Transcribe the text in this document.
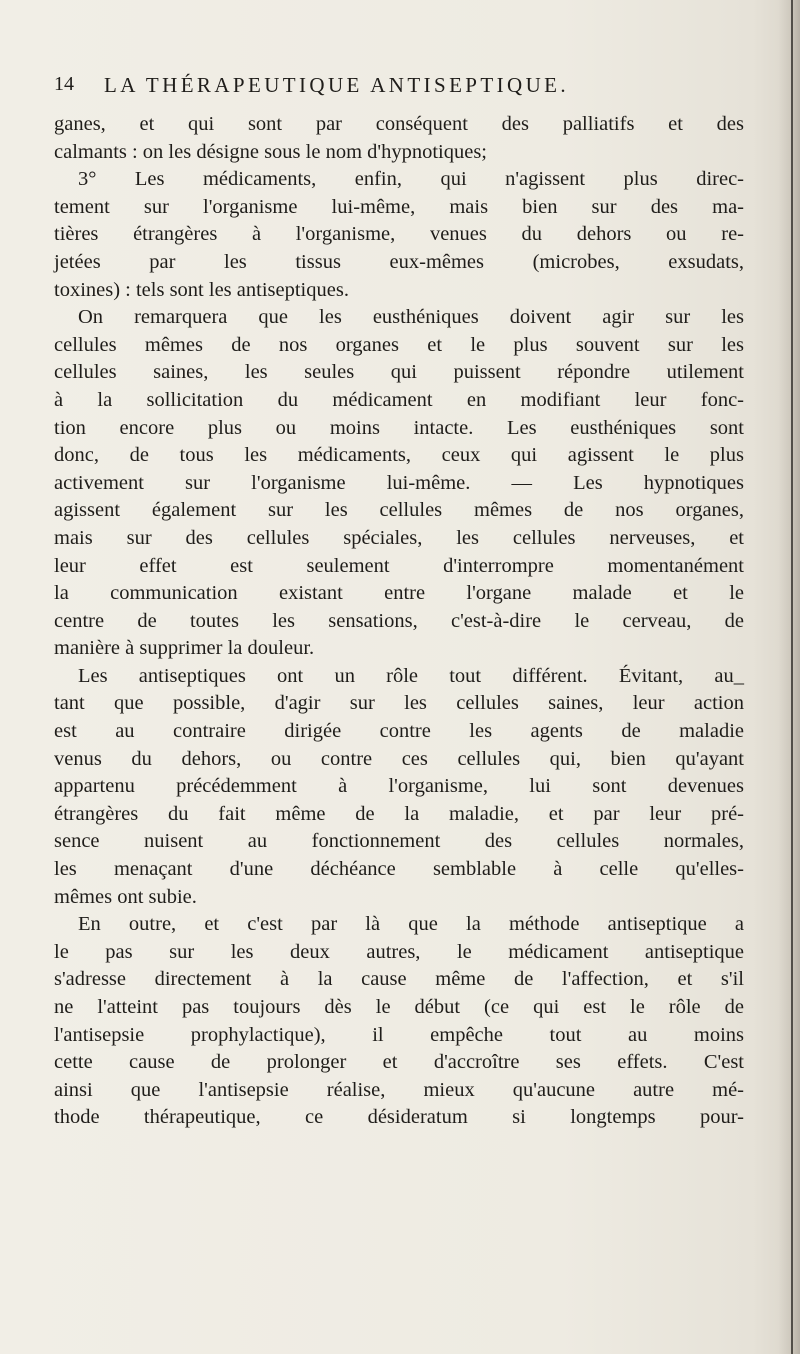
14 LA THÉRAPEUTIQUE ANTISEPTIQUE.
ganes, et qui sont par conséquent des palliatifs et des
calmants : on les désigne sous le nom d'hypnotiques;
3° Les médicaments, enfin, qui n'agissent plus direc-
tement sur l'organisme lui-même, mais bien sur des ma-
tières étrangères à l'organisme, venues du dehors ou re-
jetées par les tissus eux-mêmes (microbes, exsudats,
toxines) : tels sont les antiseptiques.
On remarquera que les eusthéniques doivent agir sur les
cellules mêmes de nos organes et le plus souvent sur les
cellules saines, les seules qui puissent répondre utilement
à la sollicitation du médicament en modifiant leur fonc-
tion encore plus ou moins intacte. Les eusthéniques sont
donc, de tous les médicaments, ceux qui agissent le plus
activement sur l'organisme lui-même. — Les hypnotiques
agissent également sur les cellules mêmes de nos organes,
mais sur des cellules spéciales, les cellules nerveuses, et
leur effet est seulement d'interrompre momentanément
la communication existant entre l'organe malade et le
centre de toutes les sensations, c'est-à-dire le cerveau, de
manière à supprimer la douleur.
Les antiseptiques ont un rôle tout différent. Évitant, au_
tant que possible, d'agir sur les cellules saines, leur action
est au contraire dirigée contre les agents de maladie
venus du dehors, ou contre ces cellules qui, bien qu'ayant
appartenu précédemment à l'organisme, lui sont devenues
étrangères du fait même de la maladie, et par leur pré-
sence nuisent au fonctionnement des cellules normales,
les menaçant d'une déchéance semblable à celle qu'elles-
mêmes ont subie.
En outre, et c'est par là que la méthode antiseptique a
le pas sur les deux autres, le médicament antiseptique
s'adresse directement à la cause même de l'affection, et s'il
ne l'atteint pas toujours dès le début (ce qui est le rôle de
l'antisepsie prophylactique), il empêche tout au moins
cette cause de prolonger et d'accroître ses effets. C'est
ainsi que l'antisepsie réalise, mieux qu'aucune autre mé-
thode thérapeutique, ce désideratum si longtemps pour-
